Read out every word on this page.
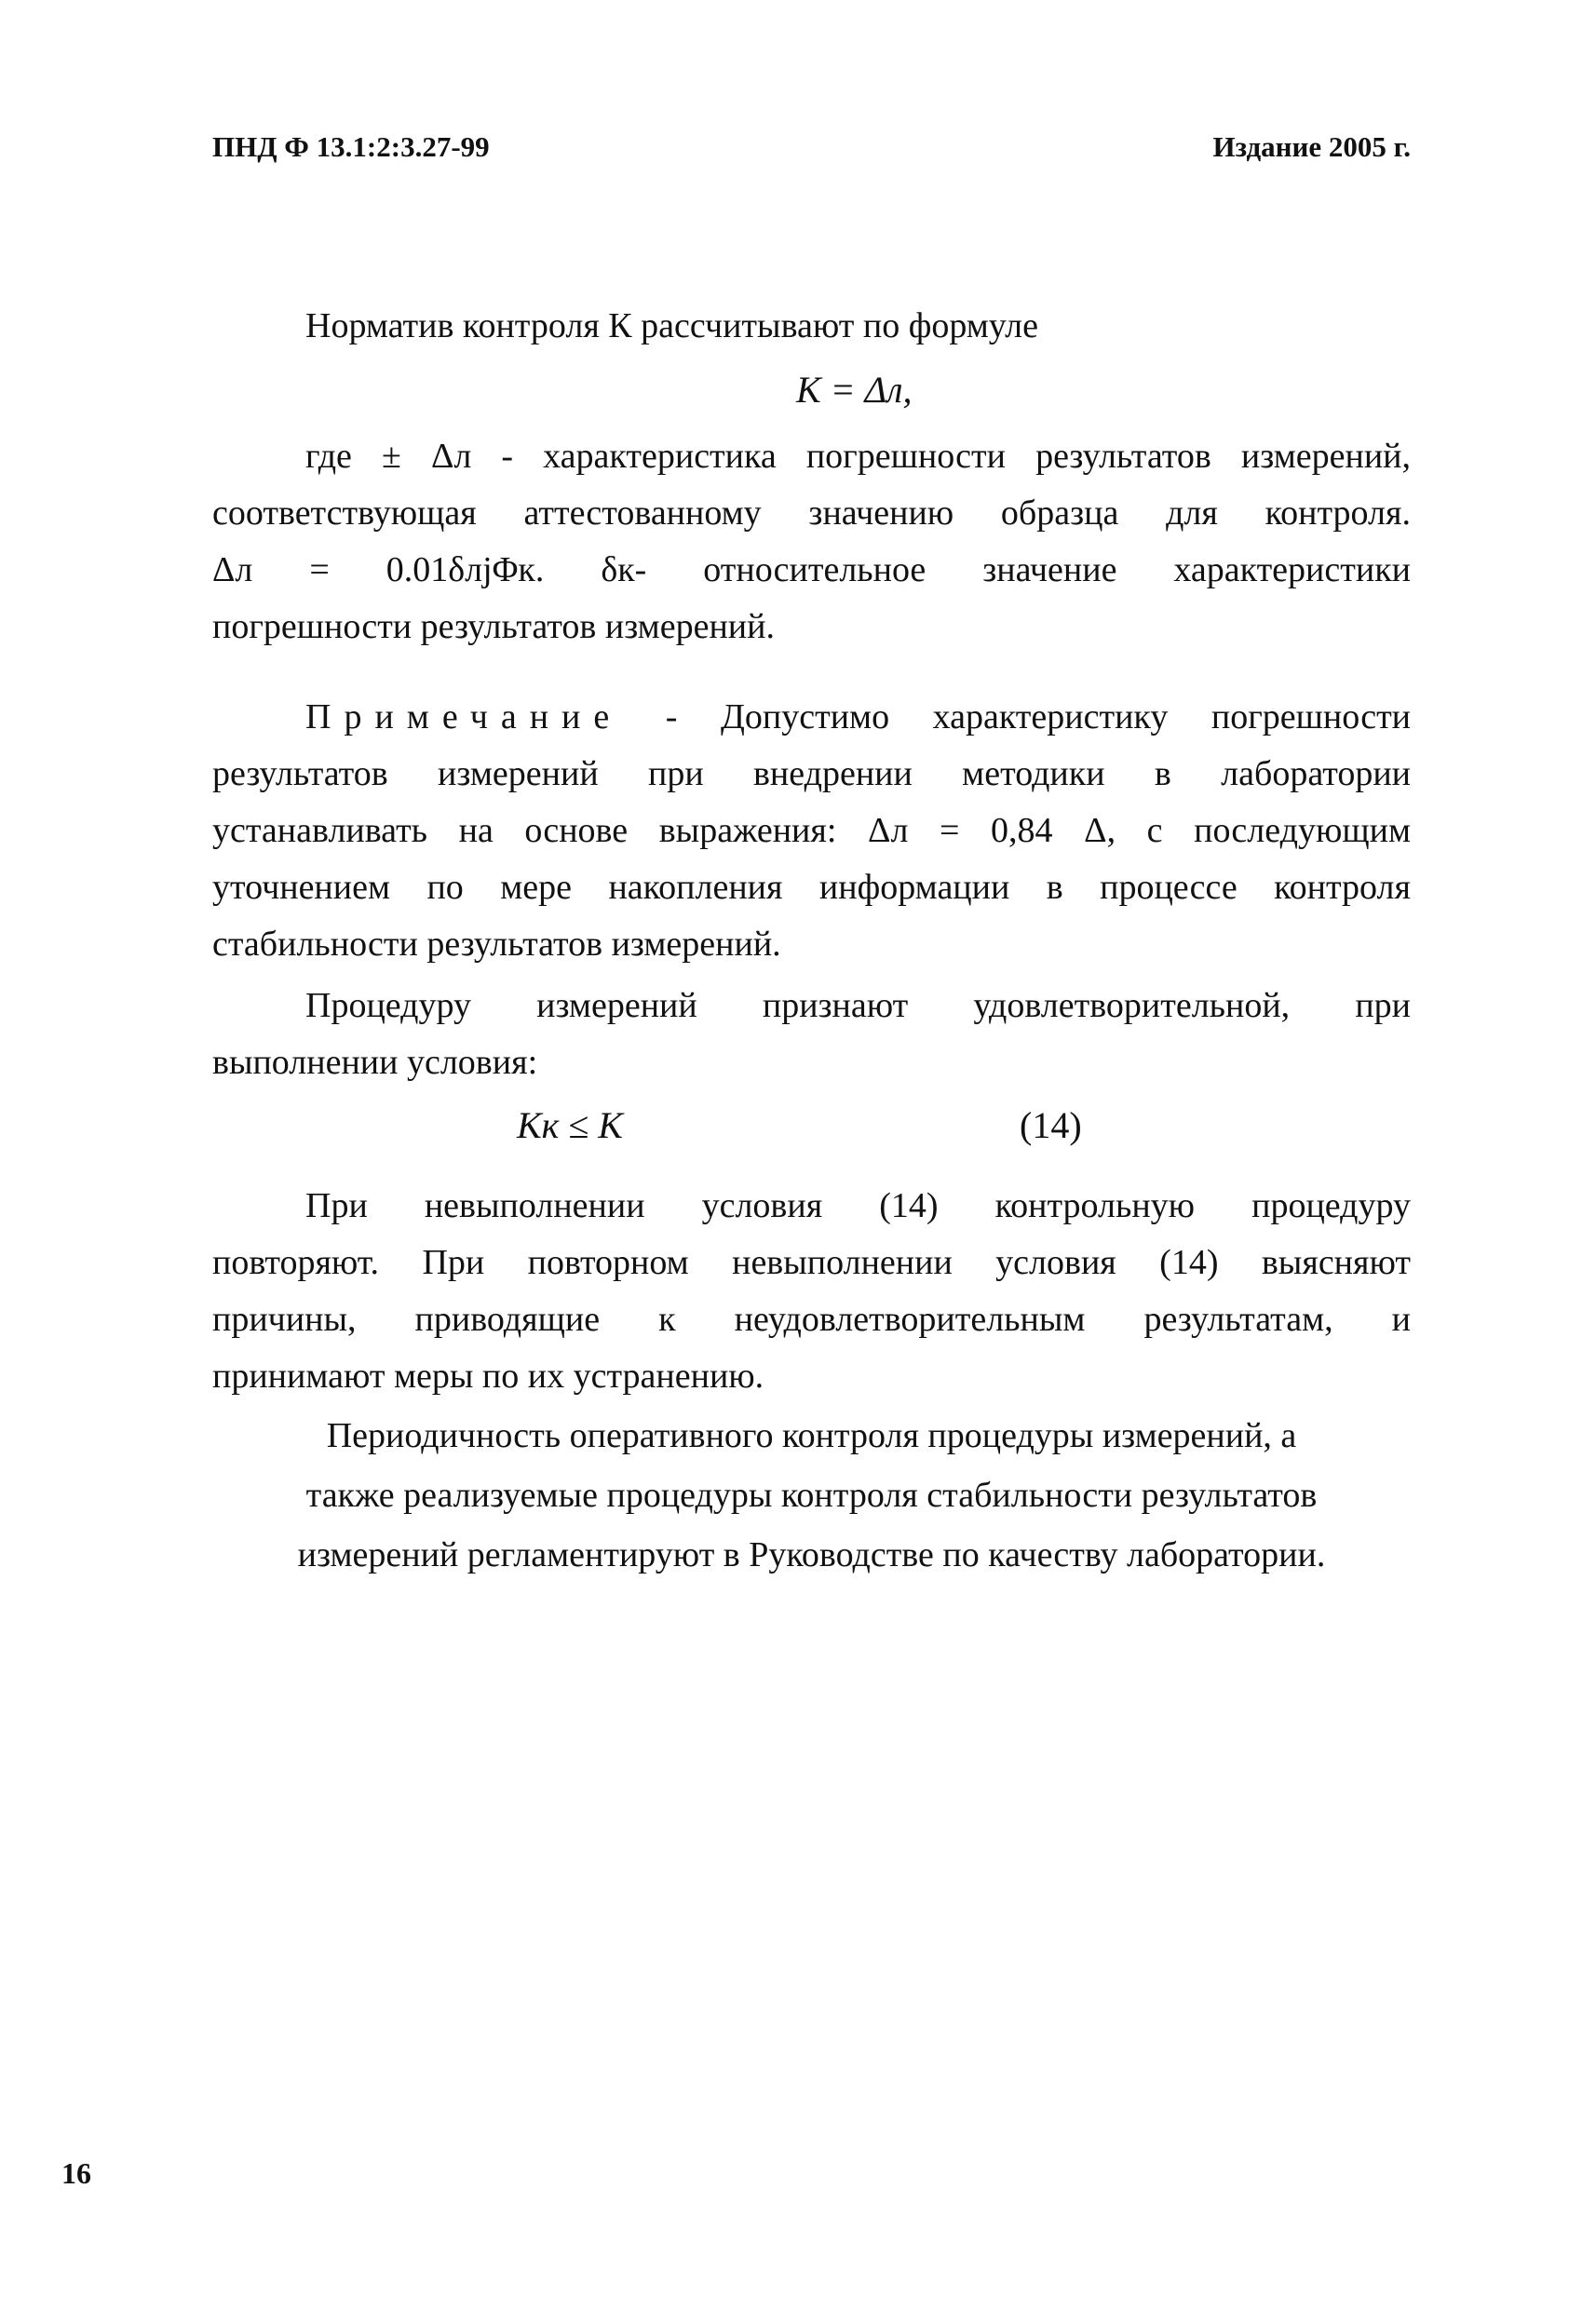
ПНД Ф 13.1:2:3.27-99	Издание 2005 г.
Норматив контроля К рассчитывают по формуле
К = Δл,
где ± Δл - характеристика погрешности результатов измерений,
соответствующая аттестованному значению образца для контроля.
Δл = 0.01δлjΦк. δк- относительное значение характеристики
погрешности результатов измерений.
Примечание - Допустимо характеристику погрешности
результатов измерений при внедрении методики в лаборатории
устанавливать на основе выражения: Δл = 0,84 Δ, с последующим
уточнением по мере накопления информации в процессе контроля
стабильности результатов измерений.
Процедуру измерений признают удовлетворительной, при
выполнении условия:
Кк ≤ К	(14)
При невыполнении условия (14) контрольную процедуру
повторяют. При повторном невыполнении условия (14) выясняют
причины, приводящие к неудовлетворительным результатам, и
принимают меры по их устранению.
Периодичность оперативного контроля процедуры измерений, а
также реализуемые процедуры контроля стабильности результатов
измерений регламентируют в Руководстве по качеству лаборатории.
16
